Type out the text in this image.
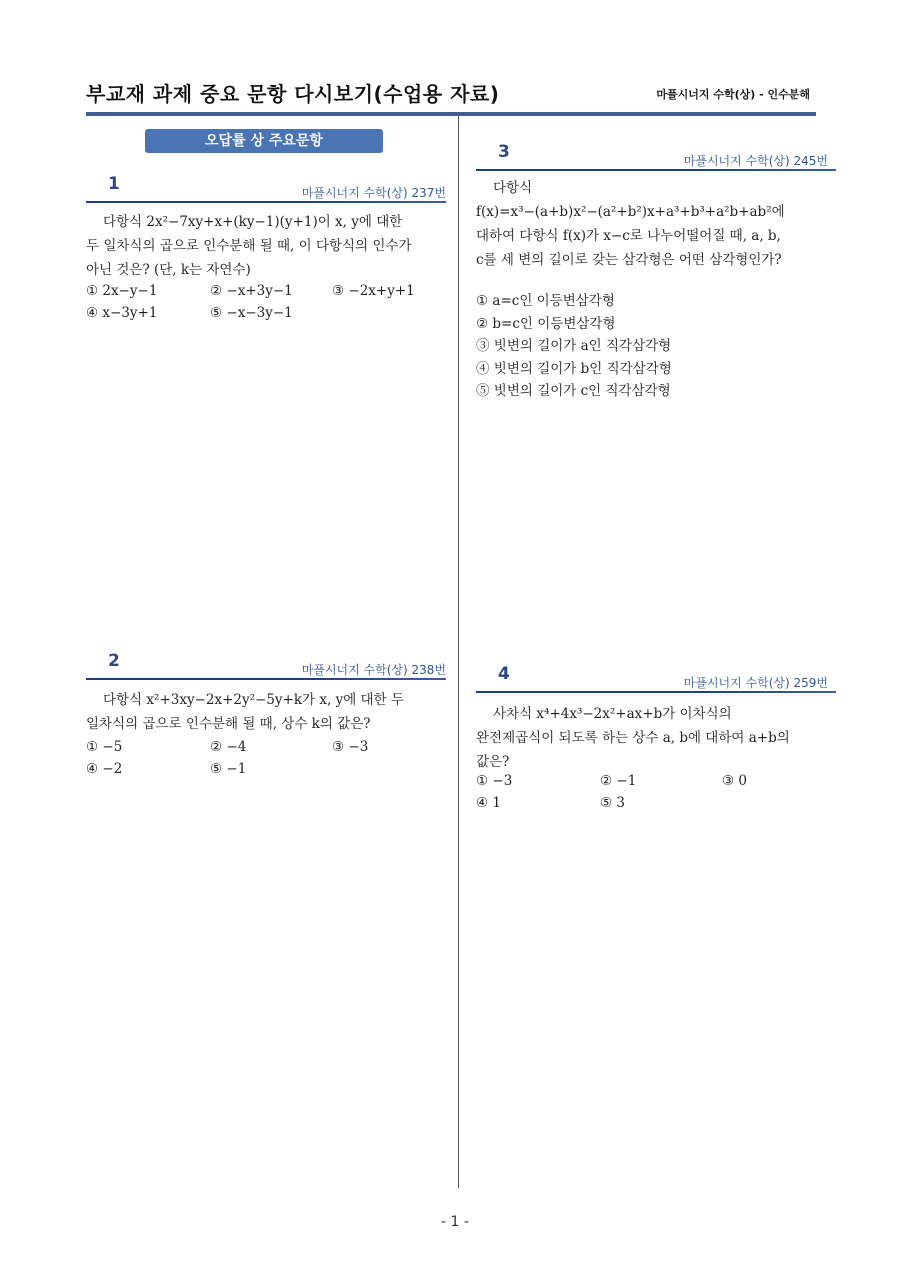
부교재 과제 중요 문항 다시보기(수업용 자료)	마플시너지 수학(상) - 인수분해
오답률 상 주요문항
1	마플시너지 수학(상) 237번
다항식 2x²−7xy+x+(ky−1)(y+1)이 x, y에 대한
두 일차식의 곱으로 인수분해 될 때, 이 다항식의 인수가
아닌 것은? (단, k는 자연수)
① 2x−y−1	② −x+3y−1	③ −2x+y+1
④ x−3y+1	⑤ −x−3y−1
2	마플시너지 수학(상) 238번
다항식 x²+3xy−2x+2y²−5y+k가 x, y에 대한 두
일차식의 곱으로 인수분해 될 때, 상수 k의 값은?
① −5	② −4	③ −3
④ −2	⑤ −1
3	마플시너지 수학(상) 245번
다항식
f(x)=x³−(a+b)x²−(a²+b²)x+a³+b³+a²b+ab²에
대하여 다항식 f(x)가 x−c로 나누어떨어질 때, a, b,
c를 세 변의 길이로 갖는 삼각형은 어떤 삼각형인가?
① a=c인 이등변삼각형
② b=c인 이등변삼각형
③ 빗변의 길이가 a인 직각삼각형
④ 빗변의 길이가 b인 직각삼각형
⑤ 빗변의 길이가 c인 직각삼각형
4	마플시너지 수학(상) 259번
사차식 x⁴+4x³−2x²+ax+b가 이차식의
완전제곱식이 되도록 하는 상수 a, b에 대하여 a+b의
값은?
① −3	② −1	③ 0
④ 1	⑤ 3
- 1 -
